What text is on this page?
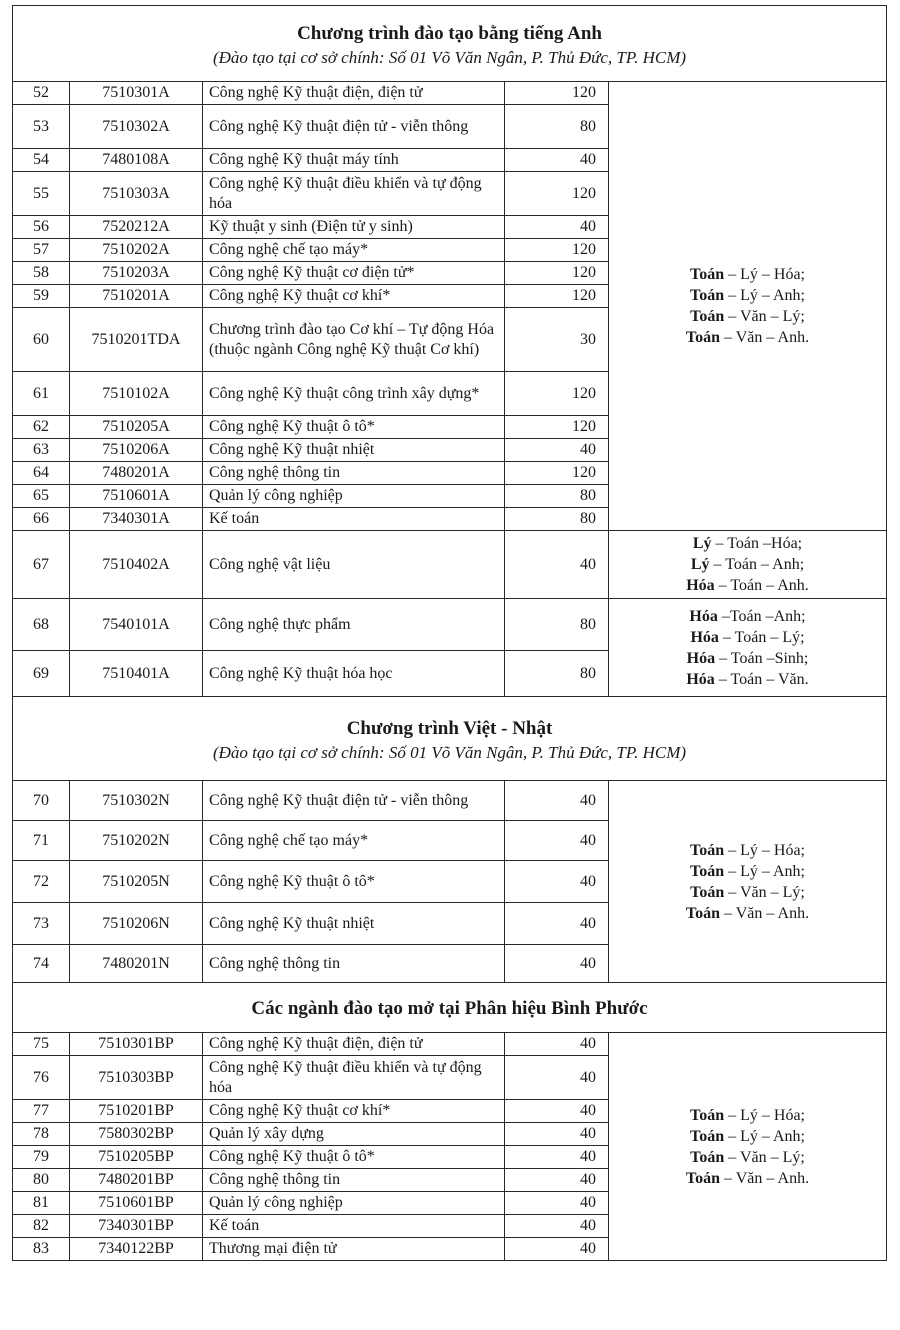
Chương trình đào tạo bằng tiếng Anh
(Đào tạo tại cơ sở chính: Số 01 Võ Văn Ngân, P. Thủ Đức, TP. HCM)				

52	7510301A	Công nghệ Kỹ thuật điện, điện tử	120	Toán – Lý – Hóa;
Toán – Lý – Anh;
Toán – Văn – Lý;
Toán – Văn – Anh.

53	7510302A	Công nghệ Kỹ thuật điện tử - viễn thông	80	
54	7480108A	Công nghệ Kỹ thuật máy tính	40	
55	7510303A	Công nghệ Kỹ thuật điều khiển và tự động hóa	120	
56	7520212A	Kỹ thuật y sinh (Điện tử y sinh)	40	
57	7510202A	Công nghệ chế tạo máy*	120	
58	7510203A	Công nghệ Kỹ thuật cơ điện tử*	120	
59	7510201A	Công nghệ Kỹ thuật cơ khí*	120	
60	7510201TDA	Chương trình đào tạo Cơ khí – Tự động Hóa (thuộc ngành Công nghệ Kỹ thuật Cơ khí)	30	
61	7510102A	Công nghệ Kỹ thuật công trình xây dựng*	120	
62	7510205A	Công nghệ Kỹ thuật ô tô*	120	
63	7510206A	Công nghệ Kỹ thuật nhiệt	40	
64	7480201A	Công nghệ thông tin	120	
65	7510601A	Quản lý công nghiệp	80	
66	7340301A	Kế toán	80	
67	7510402A	Công nghệ vật liệu	40	Lý – Toán –Hóa;
Lý – Toán – Anh;
Hóa – Toán – Anh.

68	7540101A	Công nghệ thực phẩm	80	Hóa –Toán –Anh;
Hóa – Toán – Lý;
Hóa – Toán –Sinh;
Hóa – Toán – Văn.

69	7510401A	Công nghệ Kỹ thuật hóa học	80	

Chương trình Việt - Nhật
(Đào tạo tại cơ sở chính: Số 01 Võ Văn Ngân, P. Thủ Đức, TP. HCM)				

70	7510302N	Công nghệ Kỹ thuật điện tử - viễn thông	40	Toán – Lý – Hóa;
Toán – Lý – Anh;
Toán – Văn – Lý;
Toán – Văn – Anh.

71	7510202N	Công nghệ chế tạo máy*	40	
72	7510205N	Công nghệ Kỹ thuật ô tô*	40	
73	7510206N	Công nghệ Kỹ thuật nhiệt	40	
74	7480201N	Công nghệ thông tin	40	

Các ngành đào tạo mở tại Phân hiệu Bình Phước				

75	7510301BP	Công nghệ Kỹ thuật điện, điện tử	40	Toán – Lý – Hóa;
Toán – Lý – Anh;
Toán – Văn – Lý;
Toán – Văn – Anh.

76	7510303BP	Công nghệ Kỹ thuật điều khiển và tự động hóa	40	
77	7510201BP	Công nghệ Kỹ thuật cơ khí*	40	
78	7580302BP	Quản lý xây dựng	40	
79	7510205BP	Công nghệ Kỹ thuật ô tô*	40	
80	7480201BP	Công nghệ thông tin	40	
81	7510601BP	Quản lý công nghiệp	40	
82	7340301BP	Kế toán	40	
83	7340122BP	Thương mại điện tử	40	
